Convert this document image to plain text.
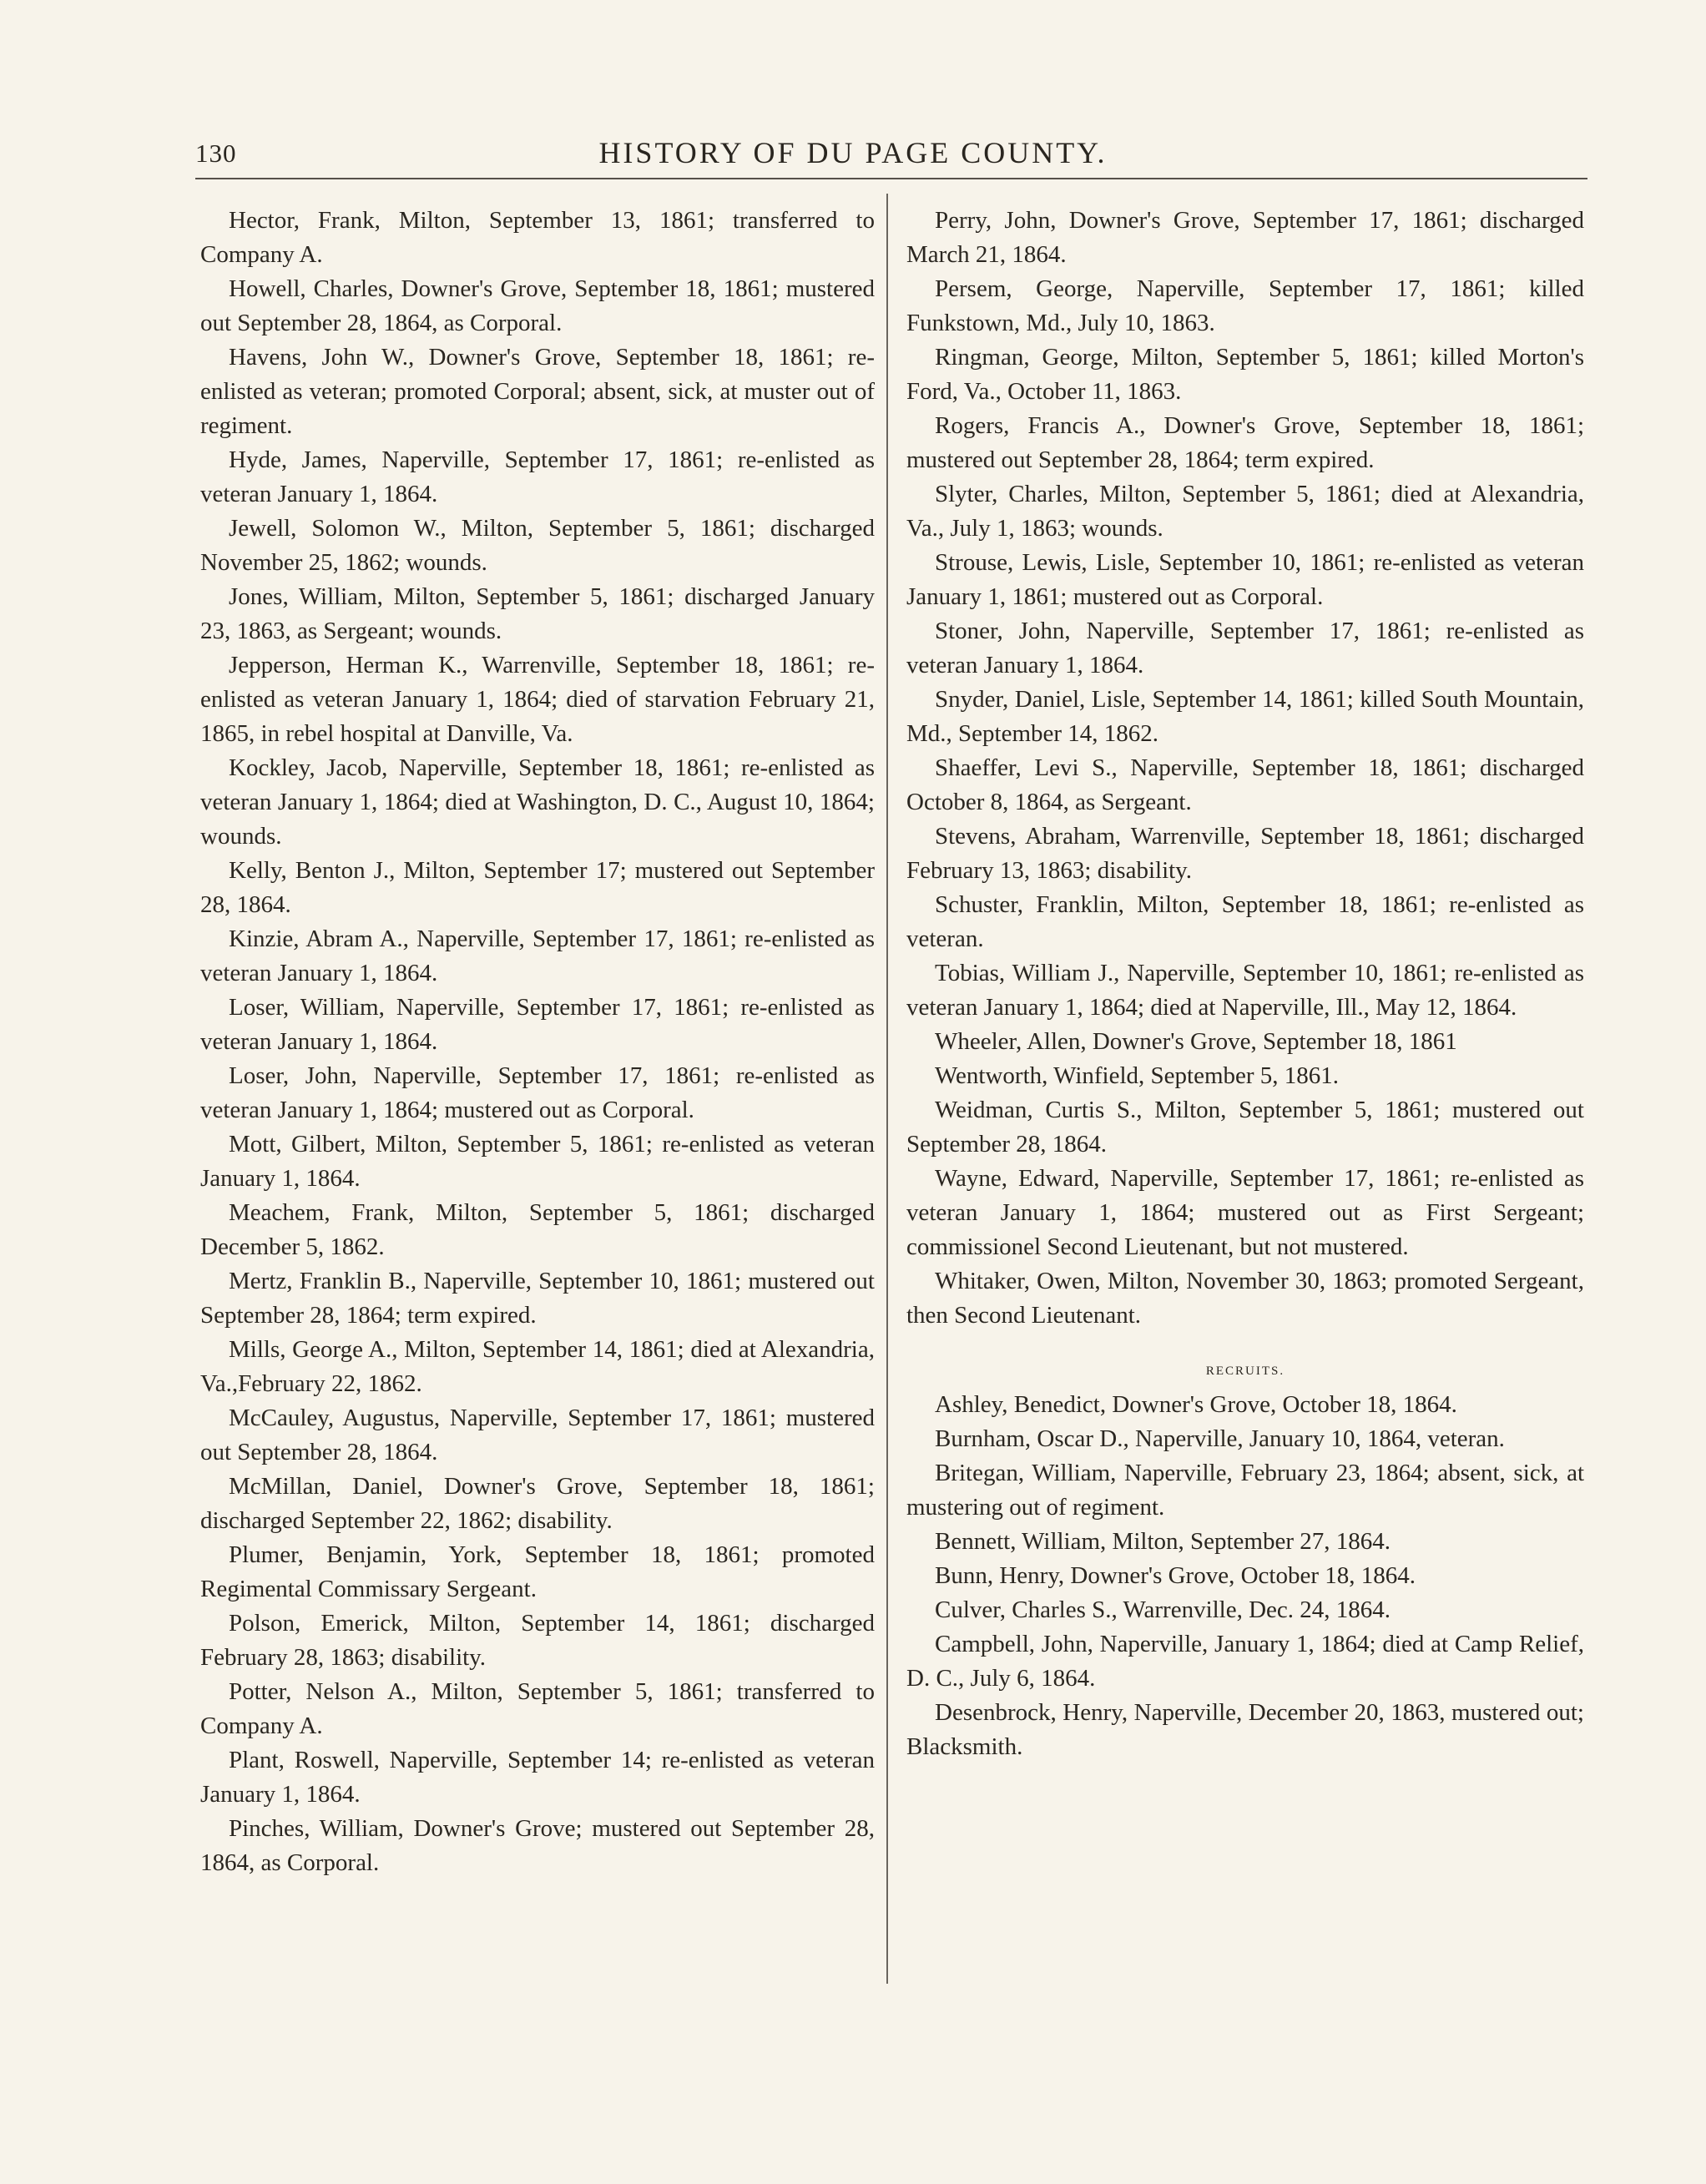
130	HISTORY OF DU PAGE COUNTY.

Hector, Frank, Milton, September 13, 1861; transferred to Company A.

Howell, Charles, Downer's Grove, September 18, 1861; mustered out September 28, 1864, as Corporal.

Havens, John W., Downer's Grove, September 18, 1861; re-enlisted as veteran; promoted Corporal; absent, sick, at muster out of regiment.

Hyde, James, Naperville, September 17, 1861; re-enlisted as veteran January 1, 1864.

Jewell, Solomon W., Milton, September 5, 1861; discharged November 25, 1862; wounds.

Jones, William, Milton, September 5, 1861; discharged January 23, 1863, as Sergeant; wounds.

Jepperson, Herman K., Warrenville, September 18, 1861; re-enlisted as veteran January 1, 1864; died of starvation February 21, 1865, in rebel hospital at Danville, Va.

Kockley, Jacob, Naperville, September 18, 1861; re-enlisted as veteran January 1, 1864; died at Washington, D. C., August 10, 1864; wounds.

Kelly, Benton J., Milton, September 17; mustered out September 28, 1864.

Kinzie, Abram A., Naperville, September 17, 1861; re-enlisted as veteran January 1, 1864.

Loser, William, Naperville, September 17, 1861; re-enlisted as veteran January 1, 1864.

Loser, John, Naperville, September 17, 1861; re-enlisted as veteran January 1, 1864; mustered out as Corporal.

Mott, Gilbert, Milton, September 5, 1861; re-enlisted as veteran January 1, 1864.

Meachem, Frank, Milton, September 5, 1861; discharged December 5, 1862.

Mertz, Franklin B., Naperville, September 10, 1861; mustered out September 28, 1864; term expired.

Mills, George A., Milton, September 14, 1861; died at Alexandria, Va.,February 22, 1862.

McCauley, Augustus, Naperville, September 17, 1861; mustered out September 28, 1864.

McMillan, Daniel, Downer's Grove, September 18, 1861; discharged September 22, 1862; disability.

Plumer, Benjamin, York, September 18, 1861; promoted Regimental Commissary Sergeant.

Polson, Emerick, Milton, September 14, 1861; discharged February 28, 1863; disability.

Potter, Nelson A., Milton, September 5, 1861; transferred to Company A.

Plant, Roswell, Naperville, September 14; re-enlisted as veteran January 1, 1864.

Pinches, William, Downer's Grove; mustered out September 28, 1864, as Corporal.

Perry, John, Downer's Grove, September 17, 1861; discharged March 21, 1864.

Persem, George, Naperville, September 17, 1861; killed Funkstown, Md., July 10, 1863.

Ringman, George, Milton, September 5, 1861; killed Morton's Ford, Va., October 11, 1863.

Rogers, Francis A., Downer's Grove, September 18, 1861; mustered out September 28, 1864; term expired.

Slyter, Charles, Milton, September 5, 1861; died at Alexandria, Va., July 1, 1863; wounds.

Strouse, Lewis, Lisle, September 10, 1861; re-enlisted as veteran January 1, 1861; mustered out as Corporal.

Stoner, John, Naperville, September 17, 1861; re-enlisted as veteran January 1, 1864.

Snyder, Daniel, Lisle, September 14, 1861; killed South Mountain, Md., September 14, 1862.

Shaeffer, Levi S., Naperville, September 18, 1861; discharged October 8, 1864, as Sergeant.

Stevens, Abraham, Warrenville, September 18, 1861; discharged February 13, 1863; disability.

Schuster, Franklin, Milton, September 18, 1861; re-enlisted as veteran.

Tobias, William J., Naperville, September 10, 1861; re-enlisted as veteran January 1, 1864; died at Naperville, Ill., May 12, 1864.

Wheeler, Allen, Downer's Grove, September 18, 1861

Wentworth, Winfield, September 5, 1861.

Weidman, Curtis S., Milton, September 5, 1861; mustered out September 28, 1864.

Wayne, Edward, Naperville, September 17, 1861; re-enlisted as veteran January 1, 1864; mustered out as First Sergeant; commissionel Second Lieutenant, but not mustered.

Whitaker, Owen, Milton, November 30, 1863; promoted Sergeant, then Second Lieutenant.

RECRUITS.

Ashley, Benedict, Downer's Grove, October 18, 1864.

Burnham, Oscar D., Naperville, January 10, 1864, veteran.

Britegan, William, Naperville, February 23, 1864; absent, sick, at mustering out of regiment.

Bennett, William, Milton, September 27, 1864.

Bunn, Henry, Downer's Grove, October 18, 1864.

Culver, Charles S., Warrenville, Dec. 24, 1864.

Campbell, John, Naperville, January 1, 1864; died at Camp Relief, D. C., July 6, 1864.

Desenbrock, Henry, Naperville, December 20, 1863, mustered out; Blacksmith.
